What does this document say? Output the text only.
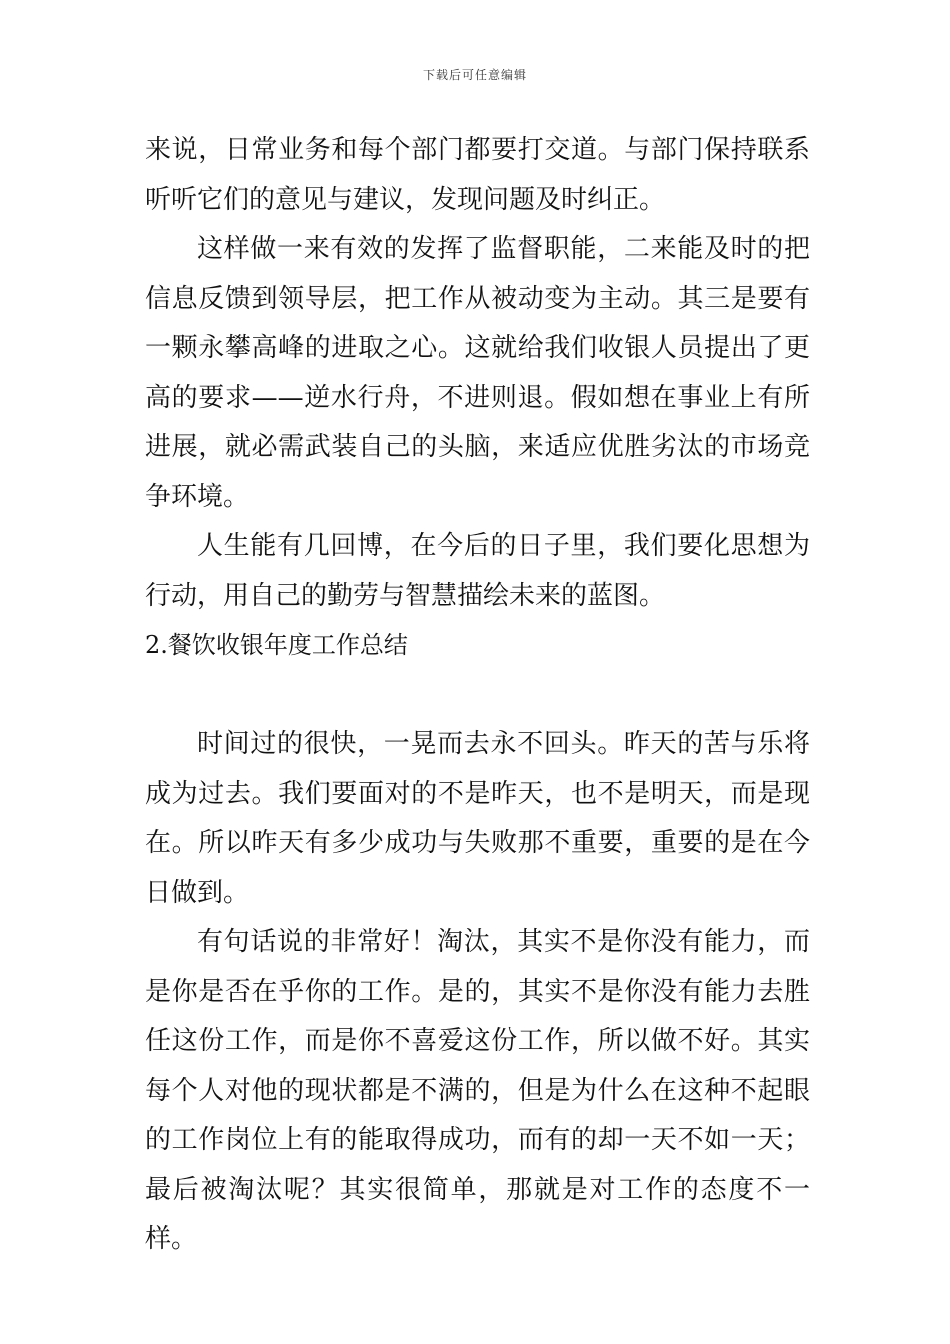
下载后可任意编辑

来说，日常业务和每个部门都要打交道。与部门保持联系听听它们的意见与建议，发现问题及时纠正。

这样做一来有效的发挥了监督职能，二来能及时的把信息反馈到领导层，把工作从被动变为主动。其三是要有一颗永攀高峰的进取之心。这就给我们收银人员提出了更高的要求——逆水行舟，不进则退。假如想在事业上有所进展，就必需武装自己的头脑，来适应优胜劣汰的市场竞争环境。

人生能有几回博，在今后的日子里，我们要化思想为行动，用自己的勤劳与智慧描绘未来的蓝图。

2.餐饮收银年度工作总结

时间过的很快，一晃而去永不回头。昨天的苦与乐将成为过去。我们要面对的不是昨天，也不是明天，而是现在。所以昨天有多少成功与失败那不重要，重要的是在今日做到。

有句话说的非常好！淘汰，其实不是你没有能力，而是你是否在乎你的工作。是的，其实不是你没有能力去胜任这份工作，而是你不喜爱这份工作，所以做不好。其实每个人对他的现状都是不满的，但是为什么在这种不起眼的工作岗位上有的能取得成功，而有的却一天不如一天；最后被淘汰呢？其实很简单，那就是对工作的态度不一样。
